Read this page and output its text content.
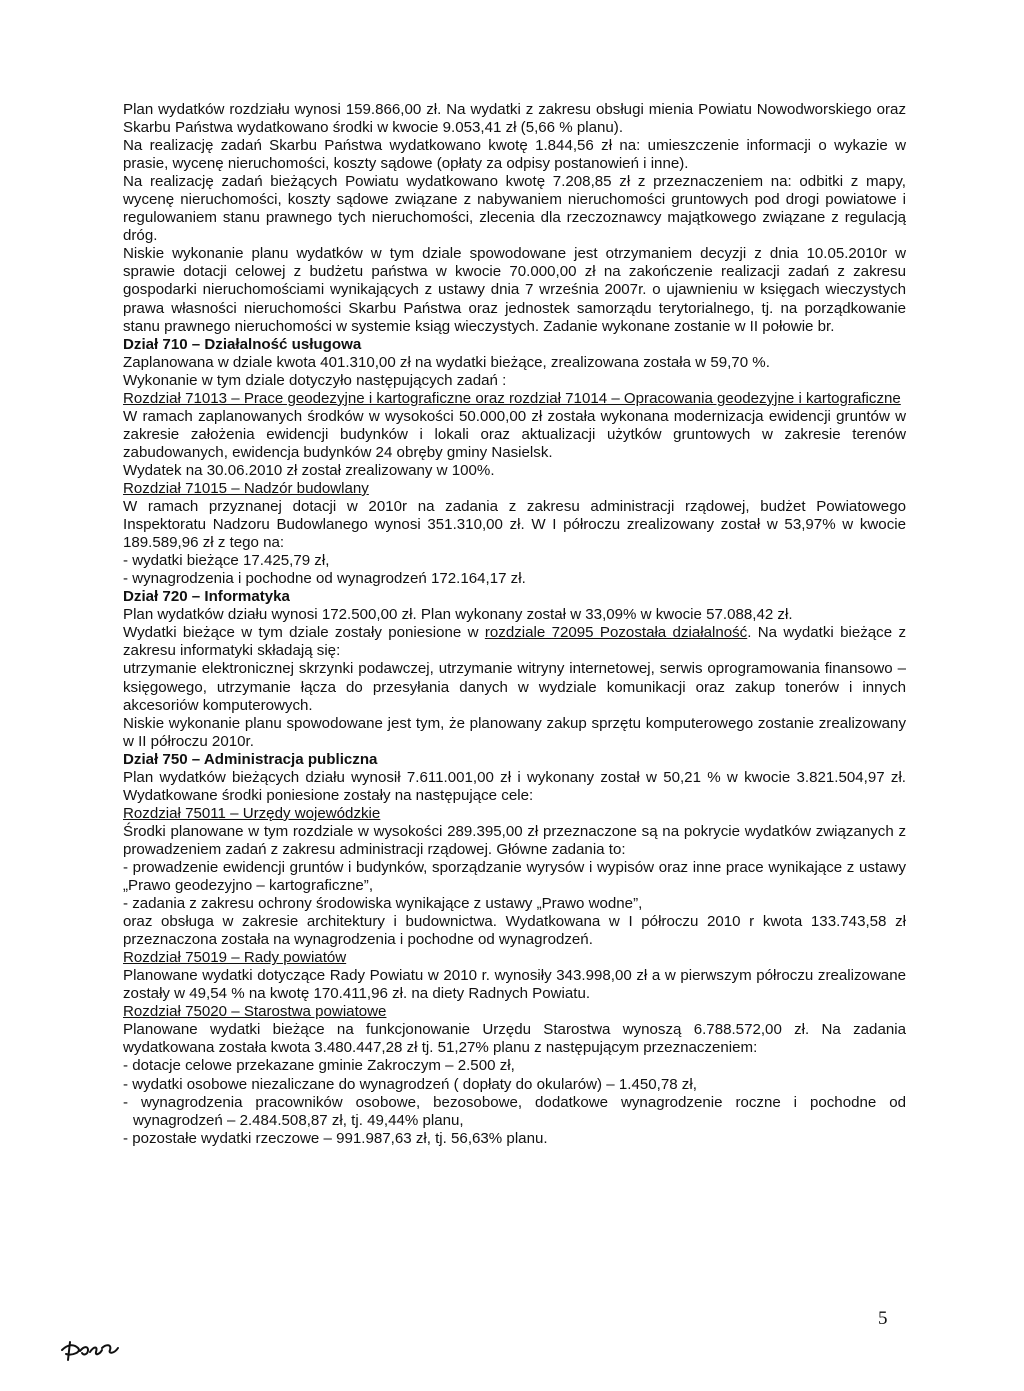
Plan wydatków rozdziału wynosi 159.866,00 zł. Na wydatki z zakresu obsługi mienia Powiatu Nowodworskiego oraz Skarbu Państwa wydatkowano środki w kwocie 9.053,41 zł (5,66 % planu).

Na realizację zadań Skarbu Państwa wydatkowano kwotę 1.844,56 zł na: umieszczenie informacji o wykazie w prasie, wycenę nieruchomości, koszty sądowe (opłaty za odpisy postanowień i inne).

Na realizację zadań bieżących Powiatu wydatkowano kwotę 7.208,85 zł z przeznaczeniem na: odbitki z mapy, wycenę nieruchomości, koszty sądowe związane z nabywaniem nieruchomości gruntowych pod drogi powiatowe i regulowaniem stanu prawnego tych nieruchomości, zlecenia dla rzeczoznawcy majątkowego związane z regulacją dróg.

Niskie wykonanie planu wydatków w tym dziale spowodowane jest otrzymaniem decyzji z dnia 10.05.2010r w sprawie dotacji celowej z budżetu państwa w kwocie 70.000,00 zł na zakończenie realizacji zadań z zakresu gospodarki nieruchomościami wynikających z ustawy dnia 7 września 2007r. o ujawnieniu w księgach wieczystych prawa własności nieruchomości Skarbu Państwa oraz jednostek samorządu terytorialnego, tj. na porządkowanie stanu prawnego nieruchomości w systemie ksiąg wieczystych. Zadanie wykonane zostanie w II połowie br.

Dział 710 – Działalność usługowa

Zaplanowana w dziale kwota 401.310,00 zł na wydatki bieżące, zrealizowana została w 59,70 %.

Wykonanie w tym dziale dotyczyło następujących zadań :

Rozdział 71013 – Prace geodezyjne i kartograficzne oraz rozdział 71014 – Opracowania geodezyjne i kartograficzne

W ramach zaplanowanych środków w wysokości 50.000,00 zł została wykonana modernizacja ewidencji gruntów w zakresie założenia ewidencji budynków i lokali oraz aktualizacji użytków gruntowych w zakresie terenów zabudowanych, ewidencja budynków 24 obręby gminy Nasielsk.

Wydatek na 30.06.2010 zł został zrealizowany w 100%.

Rozdział 71015 – Nadzór budowlany

W ramach przyznanej dotacji w 2010r na zadania z zakresu administracji rządowej, budżet Powiatowego Inspektoratu Nadzoru Budowlanego wynosi 351.310,00 zł. W I półroczu zrealizowany został w 53,97% w kwocie 189.589,96 zł z tego na:

- wydatki bieżące 17.425,79 zł,

- wynagrodzenia i pochodne od wynagrodzeń 172.164,17 zł.

Dział 720 – Informatyka

Plan wydatków działu wynosi 172.500,00 zł. Plan wykonany został w 33,09% w kwocie 57.088,42 zł.

Wydatki bieżące w tym dziale zostały poniesione w rozdziale 72095 Pozostała działalność. Na wydatki bieżące z zakresu informatyki składają się:

utrzymanie elektronicznej skrzynki podawczej, utrzymanie witryny internetowej, serwis oprogramowania finansowo – księgowego, utrzymanie łącza do przesyłania danych w wydziale komunikacji oraz zakup tonerów i innych akcesoriów komputerowych.

Niskie wykonanie planu spowodowane jest tym, że planowany zakup sprzętu komputerowego zostanie zrealizowany w II półroczu 2010r.

Dział 750 – Administracja publiczna

Plan wydatków bieżących działu wynosił 7.611.001,00 zł i wykonany został w 50,21 % w kwocie 3.821.504,97 zł. Wydatkowane środki poniesione zostały na następujące cele:

Rozdział 75011 – Urzędy wojewódzkie

Środki planowane w tym rozdziale w wysokości 289.395,00 zł przeznaczone są na pokrycie wydatków związanych z prowadzeniem zadań z zakresu administracji rządowej. Główne zadania to:

- prowadzenie ewidencji gruntów i budynków, sporządzanie wyrysów i wypisów oraz inne prace wynikające z ustawy „Prawo geodezyjno – kartograficzne”,

- zadania z zakresu ochrony środowiska wynikające z ustawy „Prawo wodne”,

oraz obsługa w zakresie architektury i budownictwa. Wydatkowana w I półroczu 2010 r kwota 133.743,58 zł przeznaczona została na wynagrodzenia i pochodne od wynagrodzeń.

Rozdział 75019 – Rady powiatów

Planowane wydatki dotyczące Rady Powiatu w 2010 r. wynosiły 343.998,00 zł a w pierwszym półroczu zrealizowane zostały w 49,54 % na kwotę 170.411,96 zł. na diety Radnych Powiatu.

Rozdział 75020 – Starostwa powiatowe

Planowane wydatki bieżące na funkcjonowanie Urzędu Starostwa wynoszą 6.788.572,00 zł. Na zadania wydatkowana została kwota 3.480.447,28 zł tj. 51,27% planu z następującym przeznaczeniem:

- dotacje celowe przekazane gminie Zakroczym – 2.500 zł,

- wydatki osobowe niezaliczane do wynagrodzeń ( dopłaty do okularów) – 1.450,78 zł,

- wynagrodzenia pracowników osobowe, bezosobowe, dodatkowe wynagrodzenie roczne i pochodne od wynagrodzeń – 2.484.508,87 zł, tj. 49,44% planu,

- pozostałe wydatki rzeczowe – 991.987,63 zł, tj. 56,63% planu.

5
